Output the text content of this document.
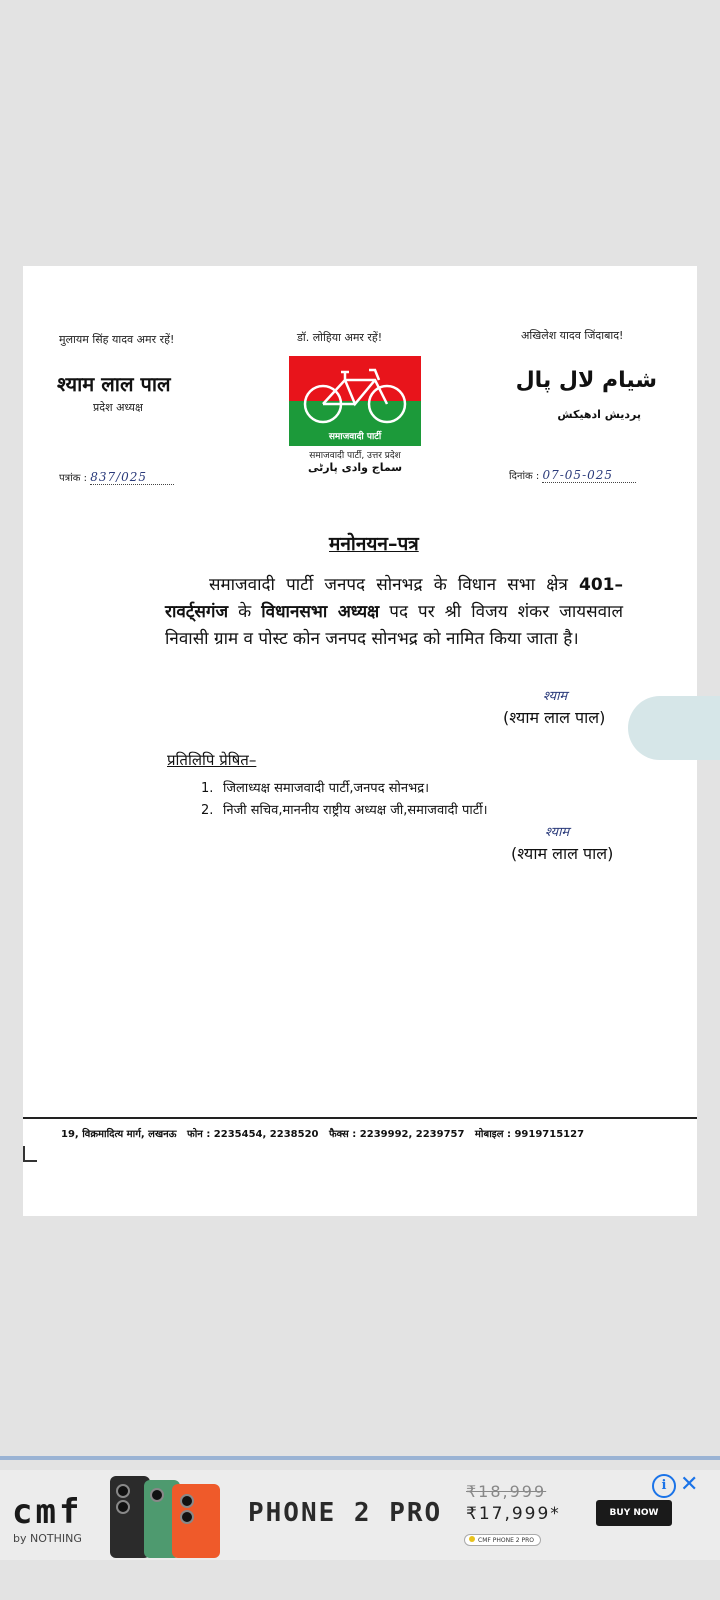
मुलायम सिंह यादव अमर रहें!	डॉ. लोहिया अमर रहें!	अखिलेश यादव जिंदाबाद!
श्याम लाल पाल
प्रदेश अध्यक्ष
شیام لال پال
پردیش ادھیکش
समाजवादी पार्टी
समाजवादी पार्टी, उत्तर प्रदेश
سماج وادی پارٹی
पत्रांक : 837/025	दिनांक : 07-05-025
मनोनयन–पत्र
समाजवादी पार्टी जनपद सोनभद्र के विधान सभा क्षेत्र 401–रावर्ट्सगंज के विधानसभा अध्यक्ष पद पर श्री विजय शंकर जायसवाल निवासी ग्राम व पोस्ट कोन जनपद सोनभद्र को नामित किया जाता है।
श्याम
(श्याम लाल पाल)
प्रतिलिपि प्रेषित–
1. जिलाध्यक्ष समाजवादी पार्टी,जनपद सोनभद्र।
2. निजी सचिव,माननीय राष्ट्रीय अध्यक्ष जी,समाजवादी पार्टी।
श्याम
(श्याम लाल पाल)
19, विक्रमादित्य मार्ग, लखनऊ फोन : 2235454, 2238520 फैक्स : 2239992, 2239757 मोबाइल : 9919715127
cmf
by NOTHING
PHONE 2 PRO
₹18,999
₹17,999*
CMF PHONE 2 PRO
BUY NOW
i ✕
